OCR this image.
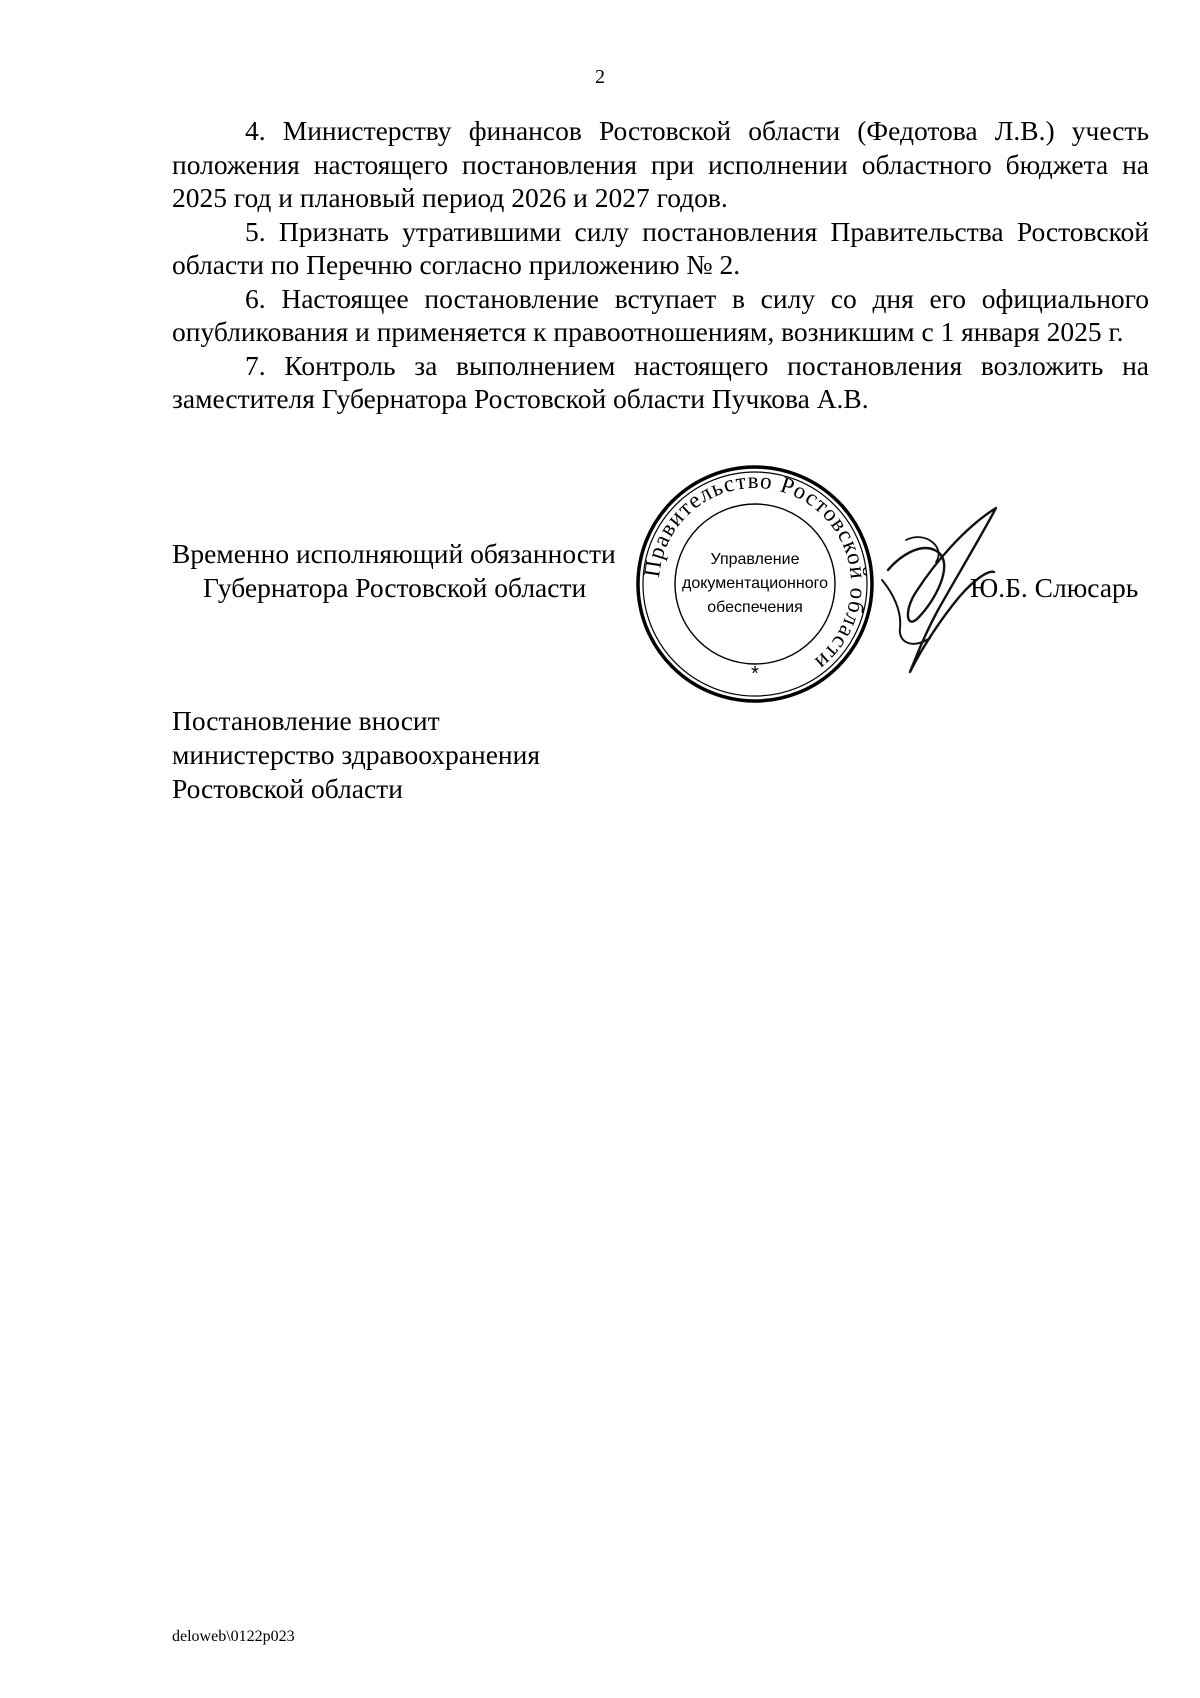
2

4. Министерству финансов Ростовской области (Федотова Л.В.) учесть положения настоящего постановления при исполнении областного бюджета на 2025 год и плановый период 2026 и 2027 годов.

5. Признать утратившими силу постановления Правительства Ростовской области по Перечню согласно приложению № 2.

6. Настоящее постановление вступает в силу со дня его официального опубликования и применяется к правоотношениям, возникшим с 1 января 2025 г.

7. Контроль за выполнением настоящего постановления возложить на заместителя Губернатора Ростовской области Пучкова А.В.

Временно исполняющий обязанности
Губернатора Ростовской области
Правительство Ростовской области
Управление
документационного
обеспечения
*
Ю.Б. Слюсарь
Постановление вносит
министерство здравоохранения
Ростовской области
deloweb\0122p023
